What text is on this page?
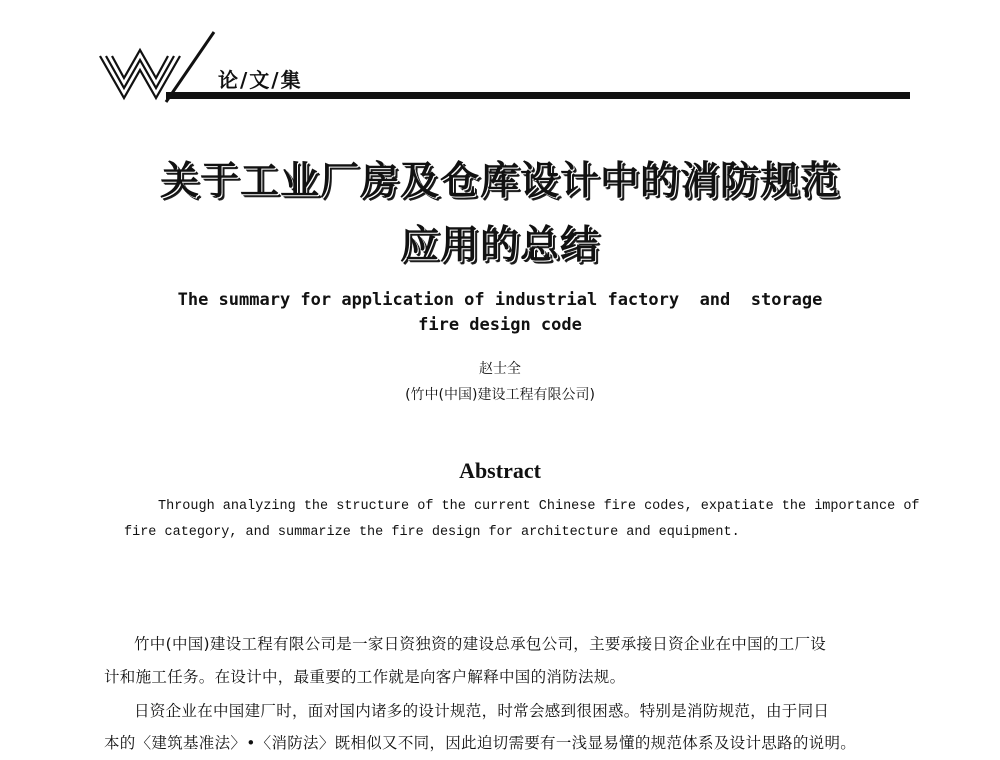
论/文/集
关于工业厂房及仓库设计中的消防规范
应用的总结
The summary for application of industrial factory  and  storage
fire design code
赵士全
(竹中(中国)建设工程有限公司)
Abstract
Through analyzing the structure of the current Chinese fire codes, expatiate the importance of
fire category, and summarize the fire design for architecture and equipment.
竹中(中国)建设工程有限公司是一家日资独资的建设总承包公司，主要承接日资企业在中国的工厂设
计和施工任务。在设计中，最重要的工作就是向客户解释中国的消防法规。
日资企业在中国建厂时，面对国内诸多的设计规范，时常会感到很困惑。特别是消防规范，由于同日
本的〈建筑基准法〉•〈消防法〉既相似又不同，因此迫切需要有一浅显易懂的规范体系及设计思路的说明。
